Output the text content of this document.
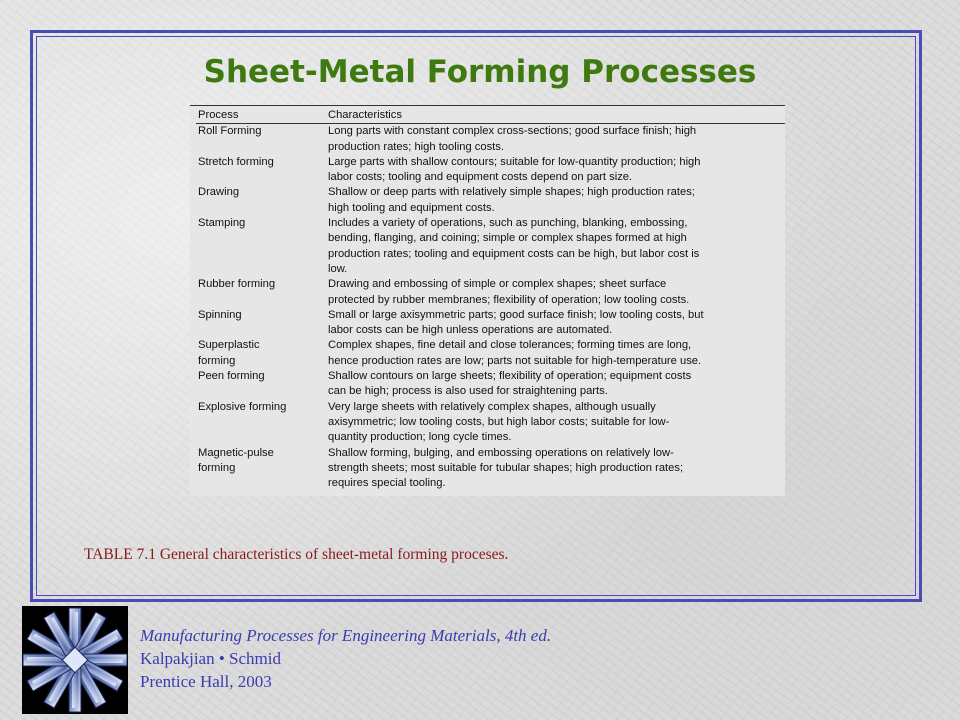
Sheet-Metal Forming Processes
Process	Characteristics

Roll Forming	Long parts with constant complex cross-sections; good surface finish; high
production rates; high tooling costs.

Stretch forming	Large parts with shallow contours; suitable for low-quantity production; high
labor costs; tooling and equipment costs depend on part size.

Drawing	Shallow or deep parts with relatively simple shapes; high production rates;
high tooling and equipment costs.

Stamping	Includes a variety of operations, such as punching, blanking, embossing,
bending, flanging, and coining; simple or complex shapes formed at high
production rates; tooling and equipment costs can be high, but labor cost is
low.

Rubber forming	Drawing and embossing of simple or complex shapes; sheet surface
protected by rubber membranes; flexibility of operation; low tooling costs.

Spinning	Small or large axisymmetric parts; good surface finish; low tooling costs, but
labor costs can be high unless operations are automated.

Superplastic
forming	Complex shapes, fine detail and close tolerances; forming times are long,
hence production rates are low; parts not suitable for high-temperature use.

Peen forming	Shallow contours on large sheets; flexibility of operation; equipment costs
can be high; process is also used for straightening parts.

Explosive forming	Very large sheets with relatively complex shapes, although usually
axisymmetric; low tooling costs, but high labor costs; suitable for low-
quantity production; long cycle times.

Magnetic-pulse
forming	Shallow forming, bulging, and embossing operations on relatively low-
strength sheets; most suitable for tubular shapes; high production rates;
requires special tooling.

TABLE 7.1 General characteristics of sheet-metal forming proceses.

Manufacturing Processes for Engineering Materials, 4th ed.
Kalpakjian • Schmid
Prentice Hall, 2003
